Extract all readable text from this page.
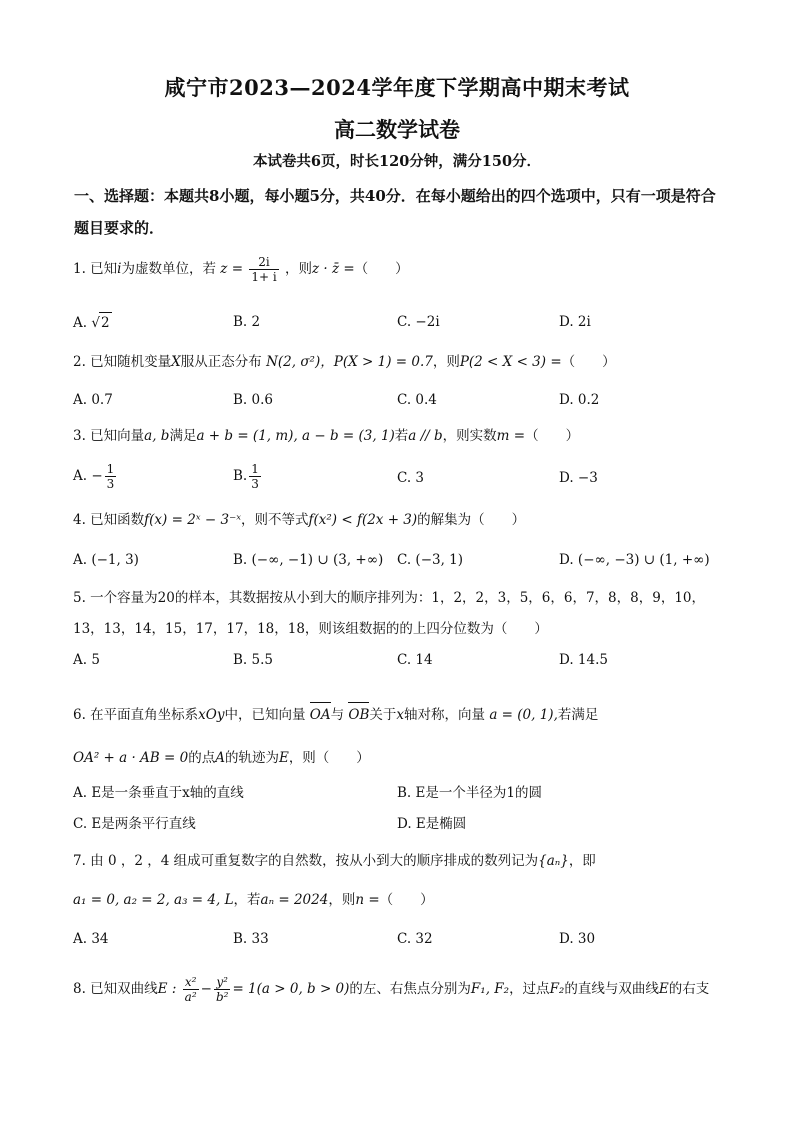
咸宁市2023—2024学年度下学期高中期末考试
高二数学试卷
本试卷共6页，时长120分钟，满分150分．
一、选择题：本题共8小题，每小题5分，共40分．在每小题给出的四个选项中，只有一项是符合题目要求的．
1. 已知i为虚数单位，若 $z = \frac{2i}{1+ i}$ ，则z · z̄ =（　　）
A. √2	B. 2	C. −2i	D. 2i
2. 已知随机变量X服从正态分布 N(2, σ²)，P(X > 1) = 0.7，则P(2 < X < 3) =（　　）
A. 0.7	B. 0.6	C. 0.4	D. 0.2
3. 已知向量a, b满足a + b = (1, m), a − b = (3, 1)若a // b，则实数m =（　　）
A. − $\frac{1}{3}$	B. $\frac{1}{3}$	C. 3	D. −3
4. 已知函数f(x) = 2ˣ − 3⁻ˣ，则不等式f(x²) < f(2x + 3)的解集为（　　）
A. (−1, 3)	B. (−∞, −1) ∪ (3, +∞) C. (−3, 1)	D. (−∞, −3) ∪ (1, +∞)
5. 一个容量为20的样本，其数据按从小到大的顺序排列为：1，2，2，3，5，6，6，7，8，8，9，10，
13，13，14，15，17，17，18，18，则该组数据的的上四分位数为（　　）
A. 5	B. 5.5	C. 14	D. 14.5
6. 在平面直角坐标系xOy中，已知向量 OA与 OB关于x轴对称，向量 a = (0, 1),若满足
OA² + a · AB = 0的点A的轨迹为E，则（　　）
A. E是一条垂直于x轴的直线	B. E是一个半径为1的圆
C. E是两条平行直线	D. E是椭圆
7. 由 0 ，2 ，4 组成可重复数字的自然数，按从小到大的顺序排成的数列记为{aₙ}，即
a₁ = 0, a₂ = 2, a₃ = 4, L，若aₙ = 2024，则n =（　　）
A. 34	B. 33	C. 32	D. 30
8. 已知双曲线E : $\frac{\text{x²}}{\text{a²}} - \frac{\text{y²}}{\text{b²}} = 1(a > 0$, b > 0)的左、右焦点分别为F₁, F₂，过点F₂的直线与双曲线E的右支
